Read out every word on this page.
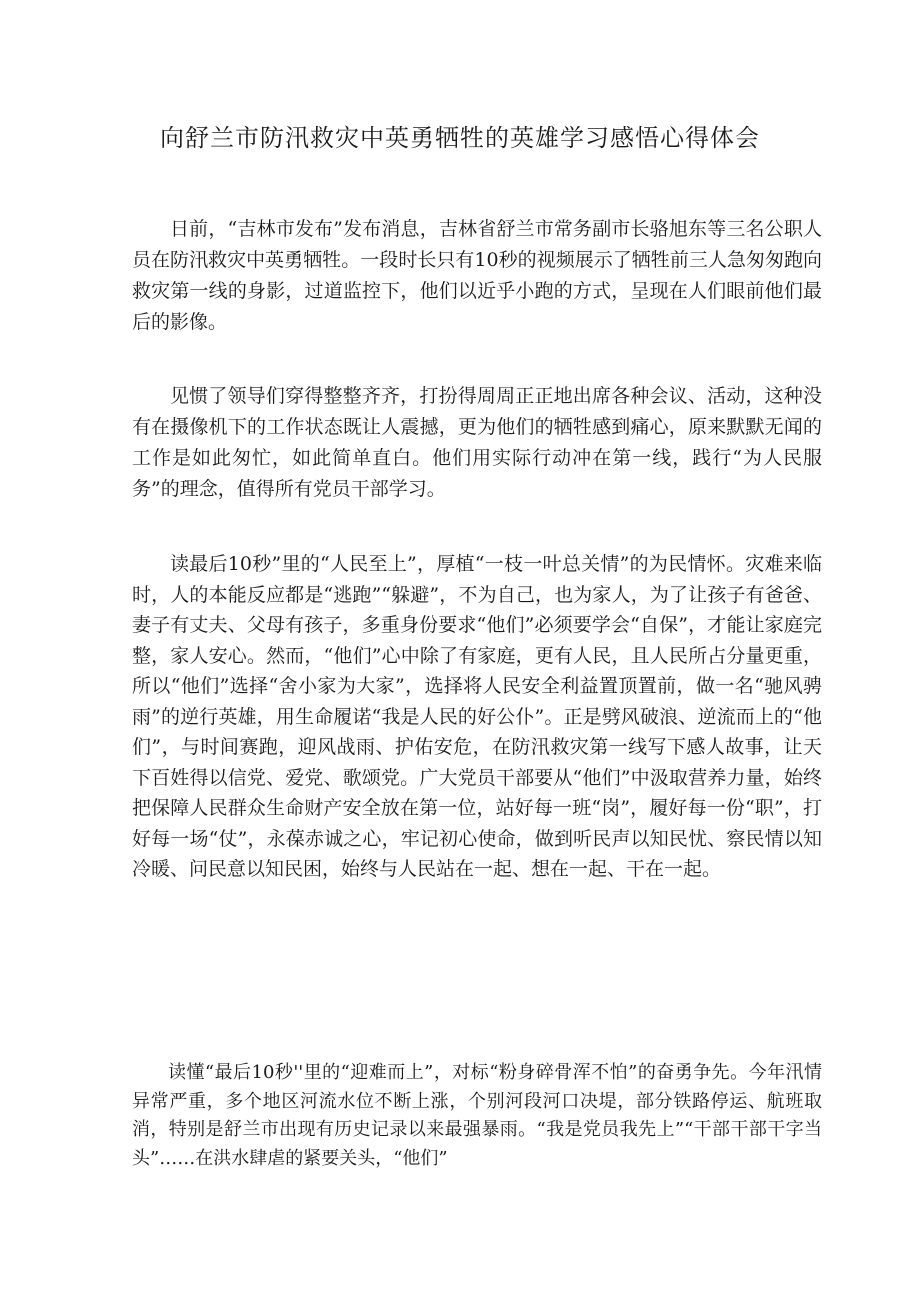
向舒兰市防汛救灾中英勇牺牲的英雄学习感悟心得体会

日前，“吉林市发布”发布消息，吉林省舒兰市常务副市长骆旭东等三名公职人员在防汛救灾中英勇牺牲。一段时长只有10秒的视频展示了牺牲前三人急匆匆跑向救灾第一线的身影，过道监控下，他们以近乎小跑的方式，呈现在人们眼前他们最后的影像。

见惯了领导们穿得整整齐齐，打扮得周周正正地出席各种会议、活动，这种没有在摄像机下的工作状态既让人震撼，更为他们的牺牲感到痛心，原来默默无闻的工作是如此匆忙，如此简单直白。他们用实际行动冲在第一线，践行“为人民服务”的理念，值得所有党员干部学习。

读最后10秒”里的“人民至上”，厚植“一枝一叶总关情”的为民情怀。灾难来临时，人的本能反应都是“逃跑”“躲避”，不为自己，也为家人，为了让孩子有爸爸、妻子有丈夫、父母有孩子，多重身份要求“他们”必须要学会“自保”，才能让家庭完整，家人安心。然而，“他们”心中除了有家庭，更有人民，且人民所占分量更重，所以“他们”选择“舍小家为大家”，选择将人民安全利益置顶置前，做一名“驰风骋雨”的逆行英雄，用生命履诺“我是人民的好公仆”。正是劈风破浪、逆流而上的“他们”，与时间赛跑，迎风战雨、护佑安危，在防汛救灾第一线写下感人故事，让天下百姓得以信党、爱党、歌颂党。广大党员干部要从“他们”中汲取营养力量，始终把保障人民群众生命财产安全放在第一位，站好每一班“岗”，履好每一份“职”，打好每一场“仗”，永葆赤诚之心，牢记初心使命，做到听民声以知民忧、察民情以知冷暖、问民意以知民困，始终与人民站在一起、想在一起、干在一起。

读懂“最后10秒''里的“迎难而上”，对标“粉身碎骨浑不怕”的奋勇争先。今年汛情异常严重，多个地区河流水位不断上涨，个别河段河口决堤，部分铁路停运、航班取消，特别是舒兰市出现有历史记录以来最强暴雨。“我是党员我先上”“干部干部干字当头”……在洪水肆虐的紧要关头，“他们”
